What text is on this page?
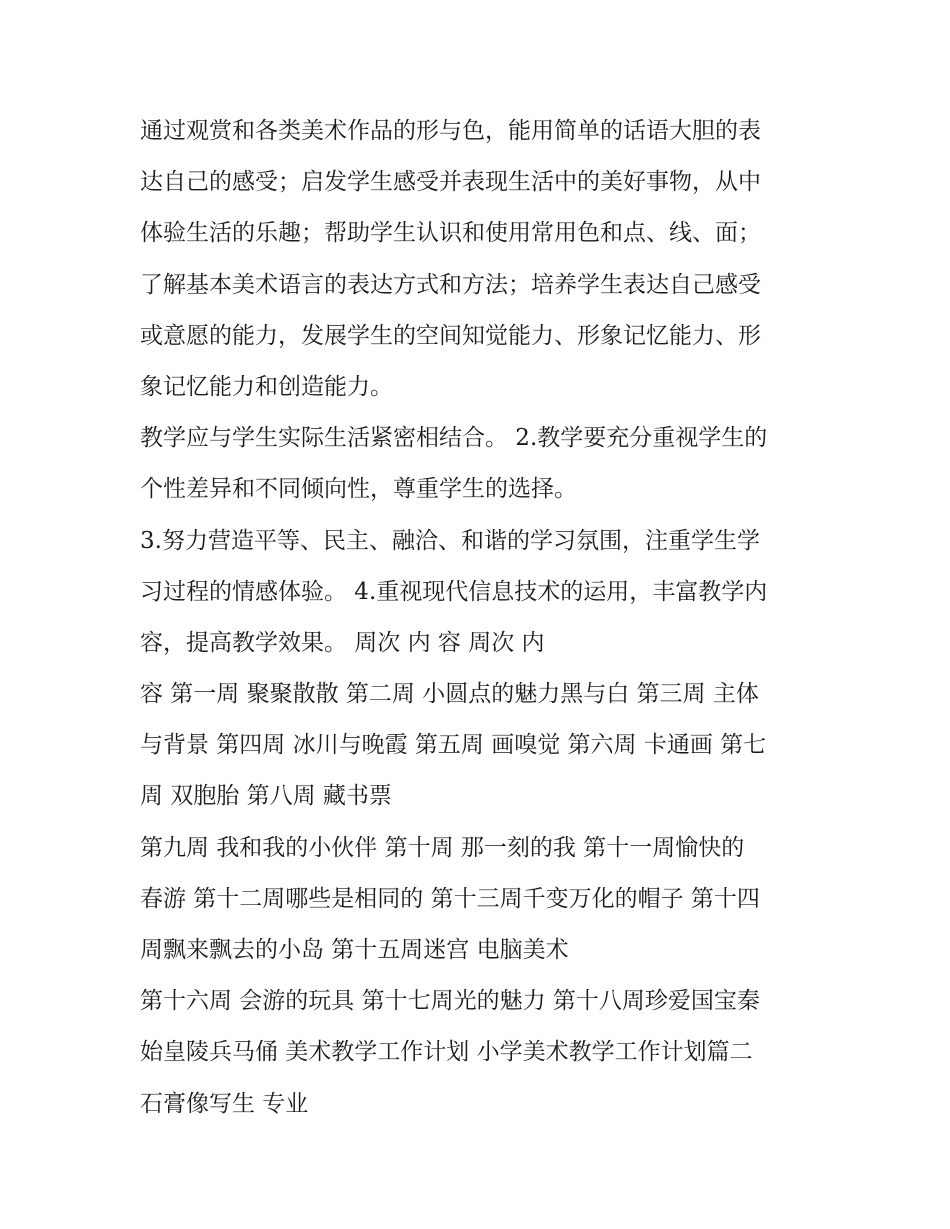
通过观赏和各类美术作品的形与色，能用简单的话语大胆的表
达自己的感受；启发学生感受并表现生活中的美好事物，从中
体验生活的乐趣；帮助学生认识和使用常用色和点、线、面；
了解基本美术语言的表达方式和方法；培养学生表达自己感受
或意愿的能力，发展学生的空间知觉能力、形象记忆能力、形
象记忆能力和创造能力。
教学应与学生实际生活紧密相结合。 2.教学要充分重视学生的
个性差异和不同倾向性，尊重学生的选择。
3.努力营造平等、民主、融洽、和谐的学习氛围，注重学生学
习过程的情感体验。 4.重视现代信息技术的运用，丰富教学内
容，提高教学效果。 周次 内 容 周次 内
容 第一周 聚聚散散 第二周 小圆点的魅力黑与白 第三周 主体
与背景 第四周 冰川与晚霞 第五周 画嗅觉 第六周 卡通画 第七
周 双胞胎 第八周 藏书票
第九周 我和我的小伙伴 第十周 那一刻的我 第十一周愉快的
春游 第十二周哪些是相同的 第十三周千变万化的帽子 第十四
周飘来飘去的小岛 第十五周迷宫 电脑美术
第十六周 会游的玩具 第十七周光的魅力 第十八周珍爱国宝秦
始皇陵兵马俑 美术教学工作计划 小学美术教学工作计划篇二
石膏像写生 专业
